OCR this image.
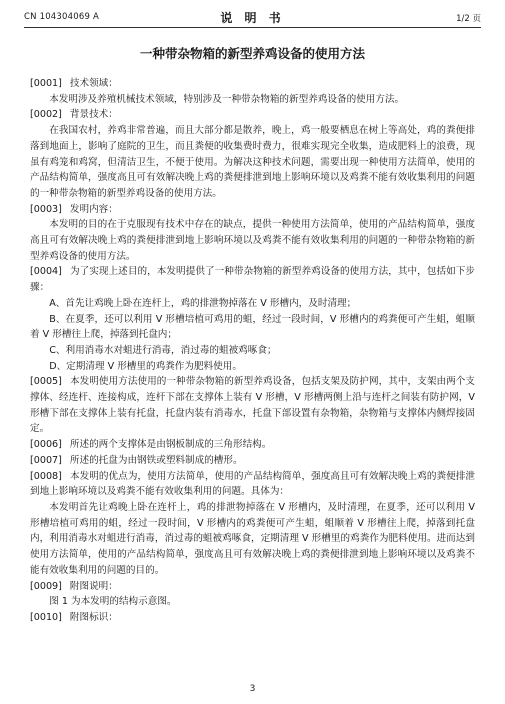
CN 104304069 A	说 明 书	1/2 页
一种带杂物箱的新型养鸡设备的使用方法

[0001] 技术领域：

本发明涉及养殖机械技术领域，特别涉及一种带杂物箱的新型养鸡设备的使用方法。

[0002] 背景技术：

在我国农村，养鸡非常普遍，而且大部分都是散养，晚上，鸡一般要栖息在树上等高处，鸡的粪便排落到地面上，影响了庭院的卫生，而且粪便的收集费时费力，很难实现完全收集，造成肥料上的浪费，现虽有鸡笼和鸡窝，但清洁卫生，不便于使用。为解决这种技术问题，需要出现一种使用方法简单，使用的产品结构简单，强度高且可有效解决晚上鸡的粪便排泄到地上影响环境以及鸡粪不能有效收集利用的问题的一种带杂物箱的新型养鸡设备的使用方法。

[0003] 发明内容：

本发明的目的在于克服现有技术中存在的缺点，提供一种使用方法简单，使用的产品结构简单，强度高且可有效解决晚上鸡的粪便排泄到地上影响环境以及鸡粪不能有效收集利用的问题的一种带杂物箱的新型养鸡设备的使用方法。

[0004] 为了实现上述目的，本发明提供了一种带杂物箱的新型养鸡设备的使用方法，其中，包括如下步骤：

A、首先让鸡晚上卧在连杆上，鸡的排泄物掉落在 V 形槽内，及时清理；

B、在夏季，还可以利用 V 形槽培植可鸡用的蛆，经过一段时间，V 形槽内的鸡粪便可产生蛆，蛆顺着 V 形槽往上爬，掉落到托盘内；

C、利用消毒水对蛆进行消毒，消过毒的蛆被鸡啄食；

D、定期清理 V 形槽里的鸡粪作为肥料使用。

[0005] 本发明使用方法使用的一种带杂物箱的新型养鸡设备，包括支架及防护网，其中，支架由两个支撑体、经连杆、连接构成，连杆下部在支撑体上装有 V 形槽，V 形槽两侧上沿与连杆之间装有防护网，V 形槽下部在支撑体上装有托盘，托盘内装有消毒水，托盘下部设置有杂物箱，杂物箱与支撑体内侧焊接固定。

[0006] 所述的两个支撑体是由钢板制成的三角形结构。

[0007] 所述的托盘为由钢铁或塑料制成的槽形。

[0008] 本发明的优点为，使用方法简单，使用的产品结构简单，强度高且可有效解决晚上鸡的粪便排泄到地上影响环境以及鸡粪不能有效收集利用的问题。具体为：

本发明首先让鸡晚上卧在连杆上，鸡的排泄物掉落在 V 形槽内，及时清理，在夏季，还可以利用 V 形槽培植可鸡用的蛆，经过一段时间，V 形槽内的鸡粪便可产生蛆，蛆顺着 V 形槽往上爬，掉落到托盘内，利用消毒水对蛆进行消毒，消过毒的蛆被鸡啄食，定期清理 V 形槽里的鸡粪作为肥料使用。进而达到使用方法简单，使用的产品结构简单，强度高且可有效解决晚上鸡的粪便排泄到地上影响环境以及鸡粪不能有效收集利用的问题的目的。

[0009] 附图说明：

图 1 为本发明的结构示意图。

[0010] 附图标识：

3
